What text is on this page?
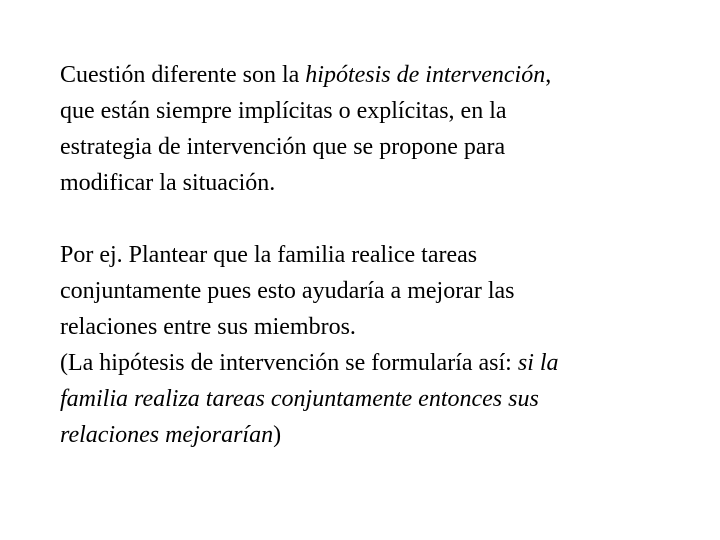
Cuestión diferente son la hipótesis de intervención,
que están siempre implícitas o explícitas, en la
estrategia de intervención que se propone para
modificar la situación.

Por ej. Plantear que la familia realice tareas
conjuntamente pues esto ayudaría a mejorar las
relaciones entre sus miembros.

(La hipótesis de intervención se formularía así: si la
familia realiza tareas conjuntamente entonces sus
relaciones mejorarían)
